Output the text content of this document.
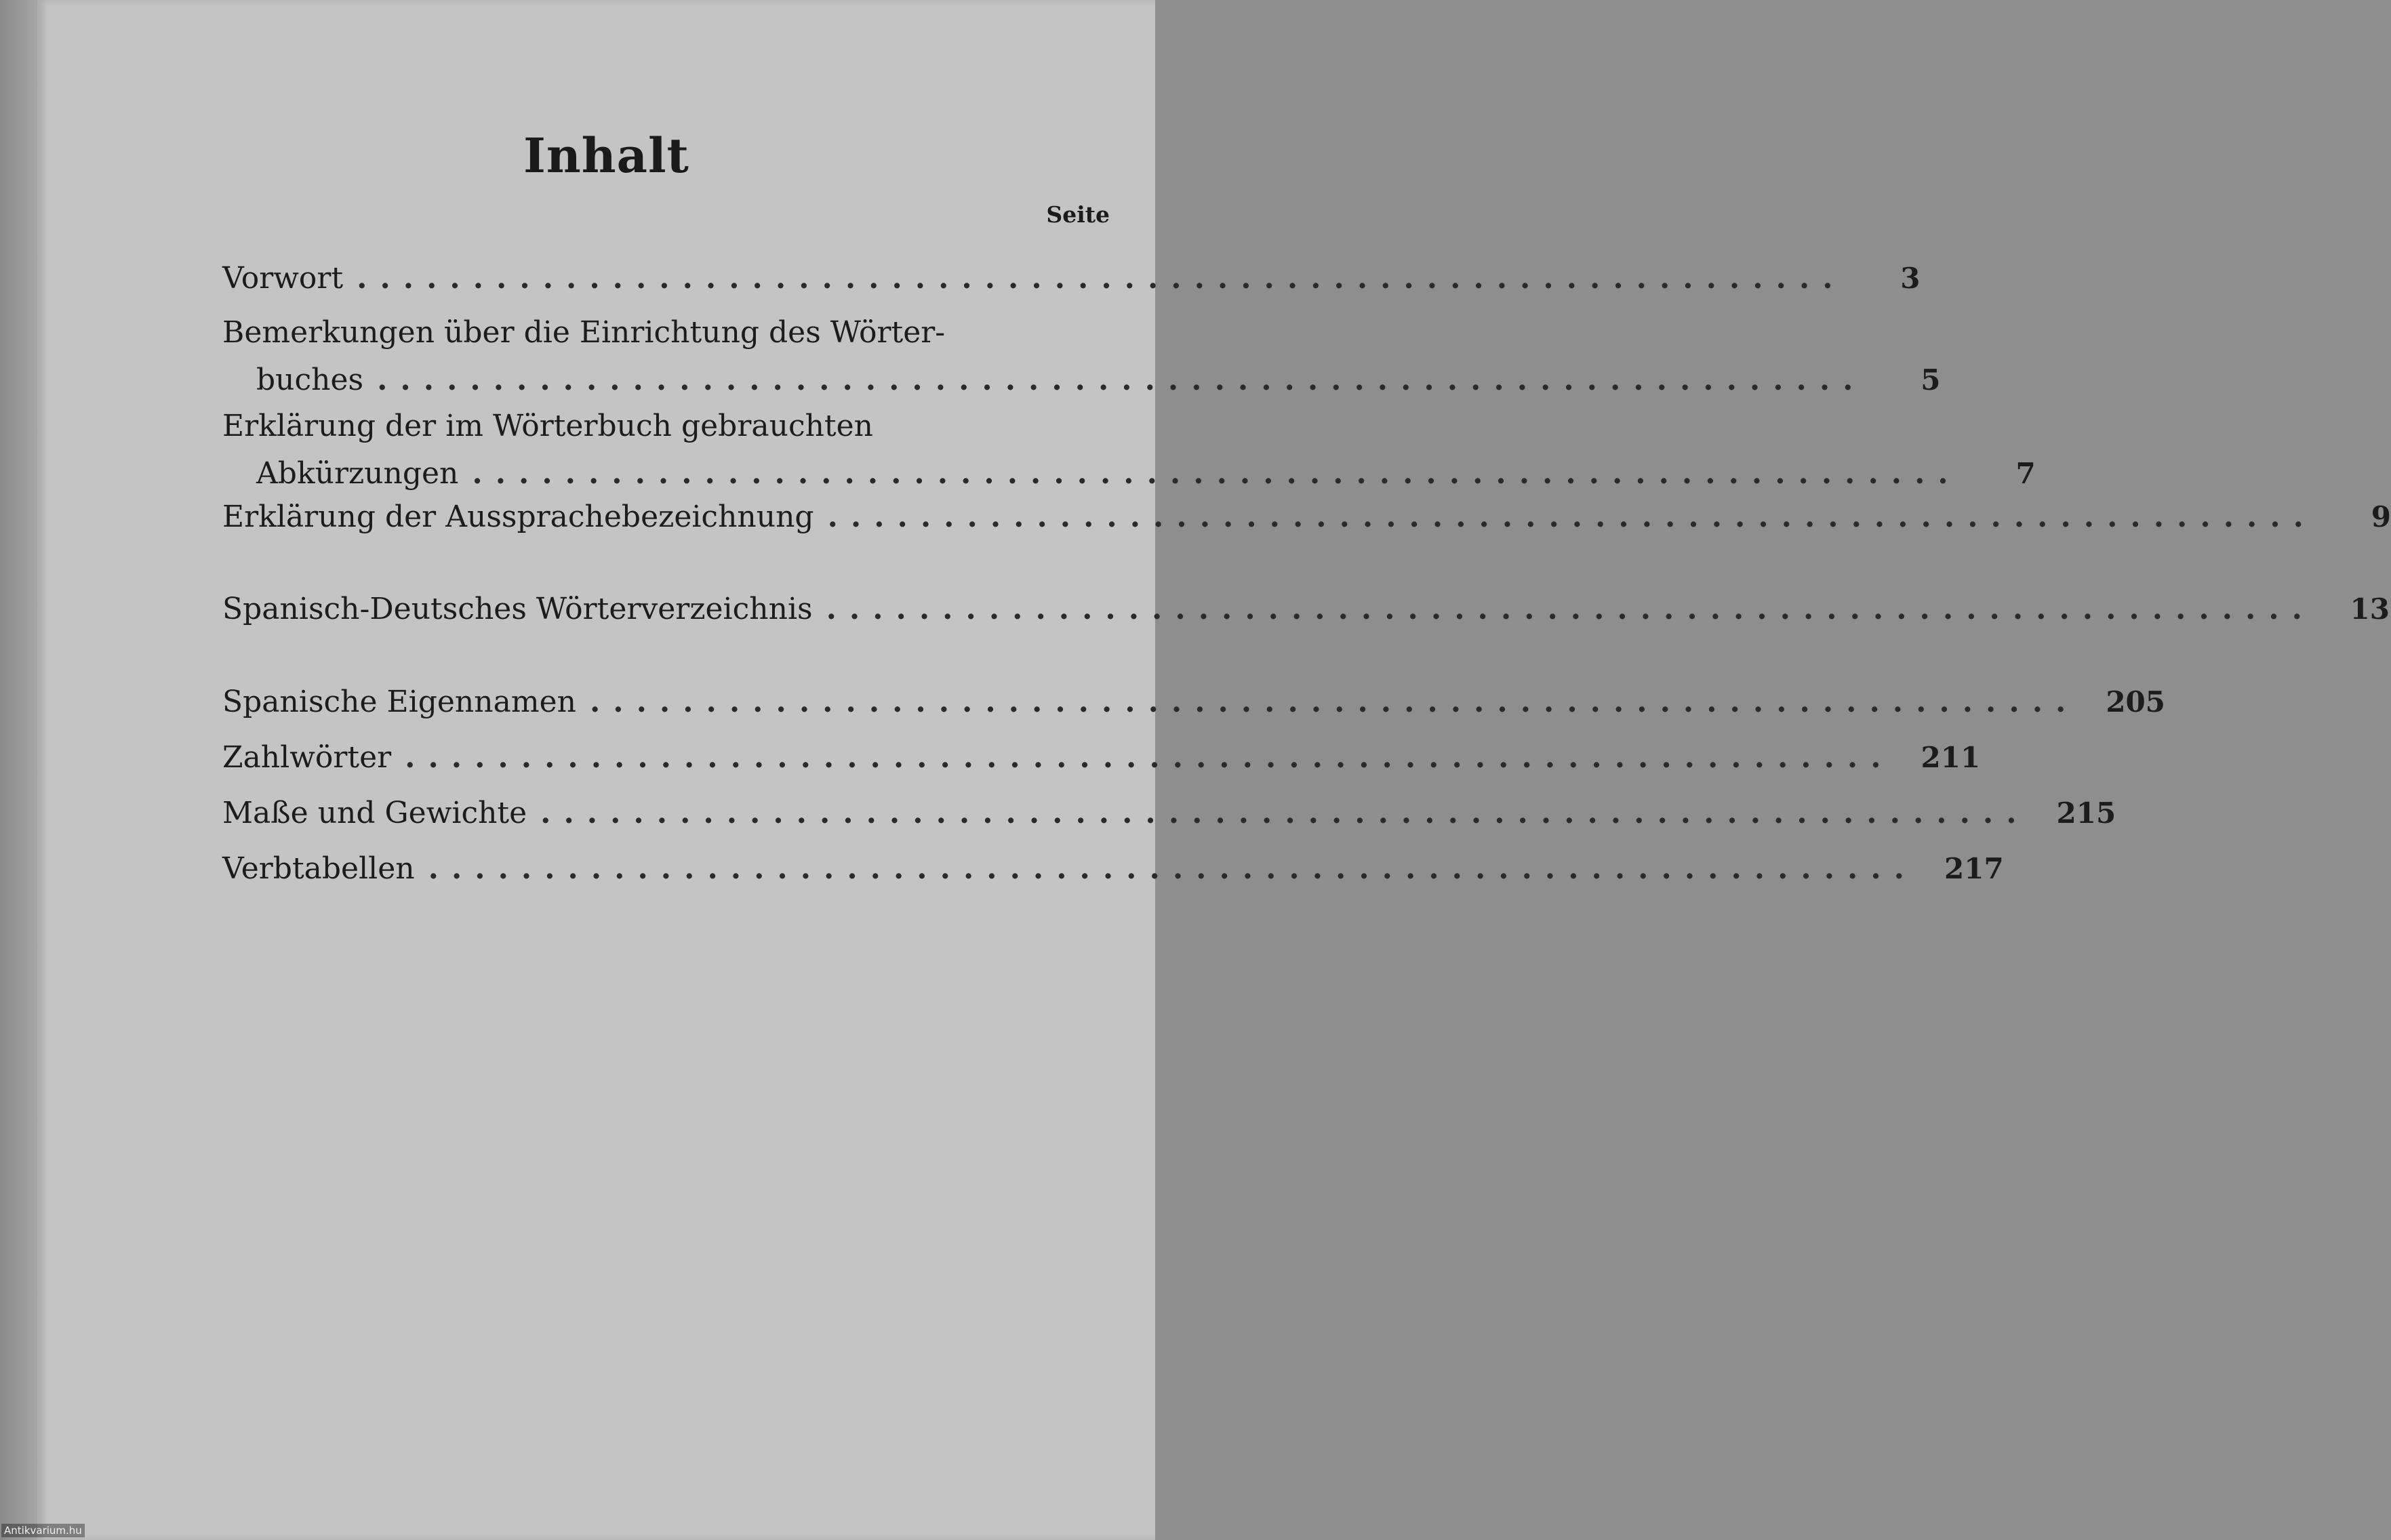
Inhalt
Seite
Vorwort ................................................................	3
Bemerkungen über die Einrichtung des Wörter-
buches ................................................................	5
Erklärung der im Wörterbuch gebrauchten
Abkürzungen ................................................................	7
Erklärung der Aussprachebezeichnung ................................................................	9
Spanisch-Deutsches Wörterverzeichnis ................................................................ 13
Spanische Eigennamen ................................................................ 205
Zahlwörter ................................................................ 211
Maße und Gewichte ................................................................ 215
Verbtabellen ................................................................ 217
Antikvarium.hu
